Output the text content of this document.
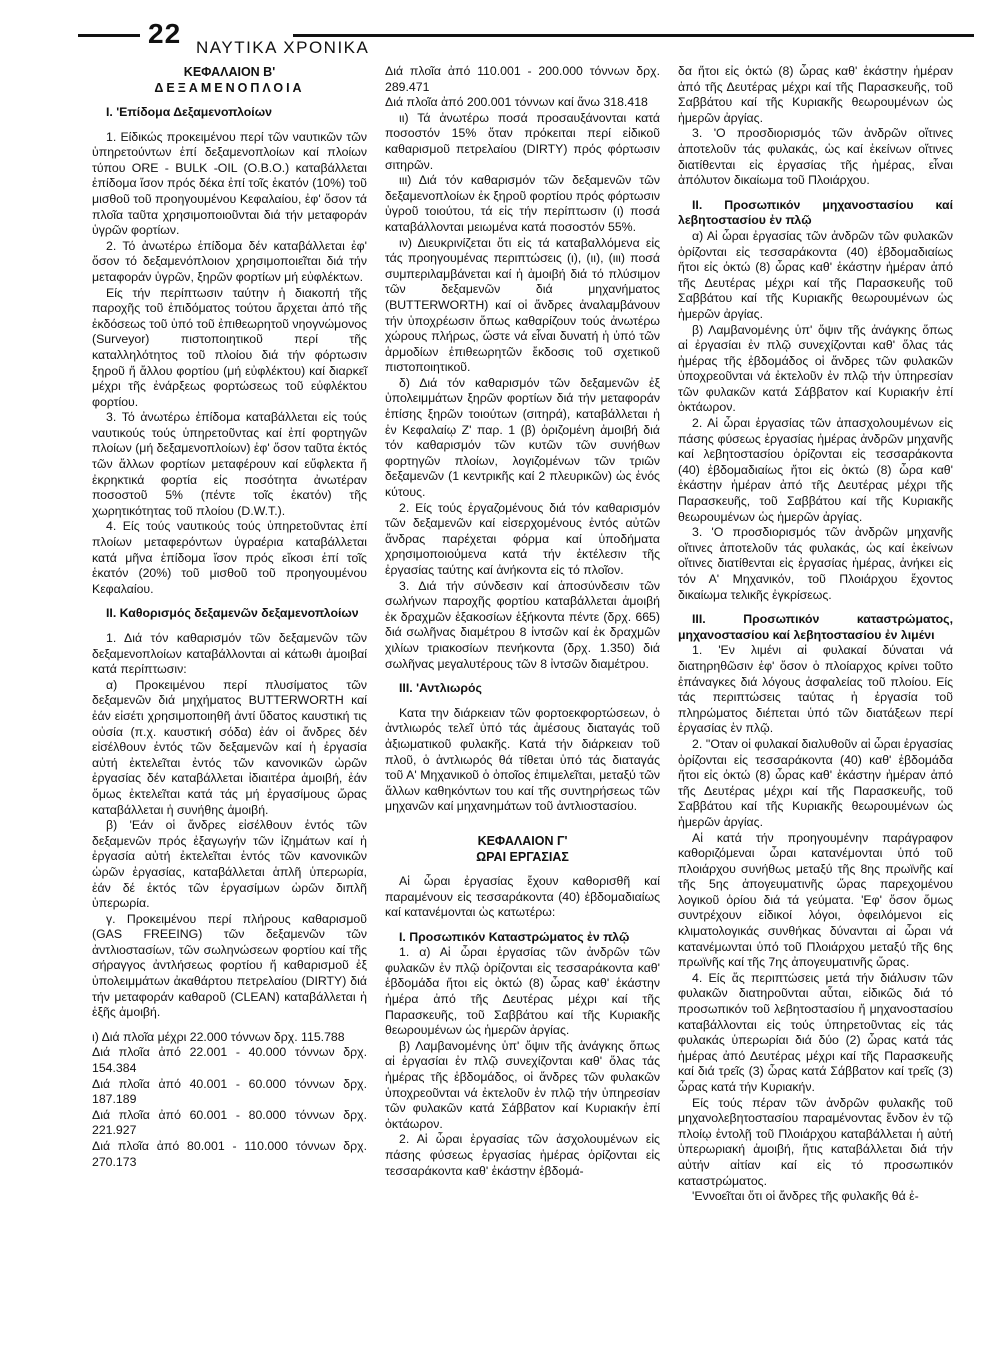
22 ΝΑΥΤΙΚΑ ΧΡΟΝΙΚΑ
ΚΕΦΑΛΑΙΟΝ Β'
ΔΕΞΑΜΕΝΟΠΛΟΙΑ

Ι. 'Επίδομα Δεξαμενοπλοίων

1. Είδικώς προκειμένου περί τῶν ναυτικῶν τῶν ὑπηρετούντων ἐπί δεξαμενοπλοίων καί πλοίων τύπου ORE - BULK -OIL (O.B.O.) καταβάλλεται ἐπίδομα ἴσον πρός δέκα ἐπί τοῖς ἑκατόν (10%) τοῦ μισθοῦ τοῦ προηγουμένου Κεφαλαίου, ἐφ' ὅσον τά πλοῖα ταῦτα χρησιμοποιοῦνται διά τήν μεταφοράν ὑγρῶν φορτίων.

2. Τό ἀνωτέρω ἐπίδομα δέν καταβάλλεται ἐφ' ὅσον τό δεξαμενόπλοιον χρησιμοποιεῖται διά τήν μεταφοράν ὑγρῶν, ξηρῶν φορτίων μή εὐφλέκτων.

Είς τήν περίπτωσιν ταύτην ἡ διακοπή τῆς παροχῆς τοῦ ἐπιδόματος τούτου ἄρχεται ἀπό τῆς ἐκδόσεως τοῦ ὑπό τοῦ ἐπιθεωρητοῦ νηογνώμονος (Surveyor) πιστοποιητικοῦ περί τῆς καταλληλότητος τοῦ πλοίου διά τήν φόρτωσιν ξηροῦ ἤ ἄλλου φορτίου (μή εὐφλέκτου) καί διαρκεῖ μέχρι τῆς ἐνάρξεως φορτώσεως τοῦ εὐφλέκτου φορτίου.

3. Τό ἀνωτέρω ἐπίδομα καταβάλλεται εἰς τούς ναυτικούς τούς ὑπηρετοῦντας καί ἐπί φορτηγῶν πλοίων (μή δεξαμενοπλοίων) ἐφ' ὅσον ταῦτα ἐκτός τῶν ἄλλων φορτίων μεταφέρουν καί εὔφλεκτα ἤ ἐκρηκτικά φορτία εἰς ποσότητα ἀνωτέραν ποσοστοῦ 5% (πέντε τοῖς ἑκατόν) τῆς χωρητικότητας τοῦ πλοίου (D.W.T.).

4. Είς τούς ναυτικούς τούς ὑπηρετοῦντας ἐπί πλοίων μεταφερόντων ὑγραέρια καταβάλλεται κατά μῆνα ἐπίδομα ἴσον πρός εἴκοσι ἐπί τοῖς ἑκατόν (20%) τοῦ μισθοῦ τοῦ προηγουμένου Κεφαλαίου.

ΙΙ. Καθορισμός δεξαμενῶν δεξαμενοπλοίων

1. Διά τόν καθαρισμόν τῶν δεξαμενῶν τῶν δεξαμενοπλοίων καταβάλλονται αἱ κάτωθι ἀμοιβαί κατά περίπτωσιν:

α) Προκειμένου περί πλυσίματος τῶν δεξαμενῶν διά μηχήματος BUTTERWORTH καί ἐάν εἰσέτι χρησιμοποιηθῆ ἀντί ὕδατος καυστική τις οὐσία (π.χ. καυστική σόδα) ἐάν οἱ ἄνδρες δέν εἰσέλθουν ἐντός τῶν δεξαμενῶν καί ἡ ἐργασία αὐτή ἐκτελεῖται ἐντός τῶν κανονικῶν ὡρῶν ἐργασίας δέν καταβάλλεται ἰδιαιτέρα ἀμοιβή, ἐάν ὅμως ἐκτελεῖται κατά τάς μή ἐργασίμους ὥρας καταβάλλεται ἡ συνήθης ἀμοιβή.

β) 'Εάν οἱ ἄνδρες εἰσέλθουν ἐντός τῶν δεξαμενῶν πρός ἐξαγωγήν τῶν ἰζημάτων καί ἡ ἐργασία αὐτή ἐκτελεῖται ἐντός τῶν κανονικῶν ὡρῶν ἐργασίας, καταβάλλεται ἁπλῆ ὑπερωρία, ἐάν δέ ἐκτός τῶν ἐργασίμων ὡρῶν διπλῆ ὑπερωρία.

γ. Προκειμένου περί πλήρους καθαρισμοῦ (GAS FREEING) τῶν δεξαμενῶν τῶν ἀντλιοστασίων, τῶν σωληνώσεων φορτίου καί τῆς σήραγγος ἀντλήσεως φορτίου ἤ καθαρισμοῦ ἐξ ὑπολειμμάτων ἀκαθάρτου πετρελαίου (DIRTY) διά τήν μεταφοράν καθαροῦ (CLEAN) καταβάλλεται ἡ ἑξῆς ἀμοιβή.

ι) Διά πλοῖα μέχρι 22.000 τόννων δρχ. 115.788

Διά πλοῖα ἀπό 22.001 - 40.000 τόννων δρχ. 154.384

Διά πλοῖα ἀπό 40.001 - 60.000 τόννων δρχ. 187.189

Διά πλοῖα ἀπό 60.001 - 80.000 τόννων δρχ. 221.927

Διά πλοῖα ἀπό 80.001 - 110.000 τόννων δρχ. 270.173

Διά πλοῖα ἀπό 110.001 - 200.000 τόννων δρχ. 289.471

Διά πλοῖα ἀπό 200.001 τόννων καί ἄνω 318.418

ιι) Τά ἀνωτέρω ποσά προσαυξάνονται κατά ποσοστόν 15% ὅταν πρόκειται περί εἰδικοῦ καθαρισμοῦ πετρελαίου (DIRTY) πρός φόρτωσιν σιτηρῶν.

ιιι) Διά τόν καθαρισμόν τῶν δεξαμενῶν τῶν δεξαμενοπλοίων ἐκ ξηροῦ φορτίου πρός φόρτωσιν ὑγροῦ τοιούτου, τά εἰς τήν περίπτωσιν (ι) ποσά καταβάλλονται μειωμένα κατά ποσοστόν 55%.

ιν) Διευκρινίζεται ὅτι εἰς τά καταβαλλόμενα εἰς τάς προηγουμένας περιπτώσεις (ι), (ιι), (ιιι) ποσά συμπεριλαμβάνεται καί ἡ ἀμοιβή διά τό πλύσιμον τῶν δεξαμενῶν διά μηχανήματος (BUTTERWORTH) καί οἱ ἄνδρες ἀναλαμβάνουν τήν ὑποχρέωσιν ὅπως καθαρίζουν τούς ἀνωτέρω χώρους πλήρως, ὥστε νά εἶναι δυνατή ἡ ὑπό τῶν ἁρμοδίων ἐπιθεωρητῶν ἔκδοσις τοῦ σχετικοῦ πιστοποιητικοῦ.

δ) Διά τόν καθαρισμόν τῶν δεξαμενῶν ἐξ ὑπολειμμάτων ξηρῶν φορτίων διά τήν μεταφοράν ἑπίσης ξηρῶν τοιούτων (σιτηρά), καταβάλλεται ἡ ἐν Κεφαλαίῳ Ζ' παρ. 1 (β) ὁριζομένη ἀμοιβή διά τόν καθαρισμόν τῶν κυτῶν τῶν συνήθων φορτηγῶν πλοίων, λογιζομένων τῶν τριῶν δεξαμενῶν (1 κεντρικῆς καί 2 πλευρικῶν) ὡς ἑνός κύτους.

2. Είς τούς ἐργαζομένους διά τόν καθαρισμόν τῶν δεξαμενῶν καί εἰσερχομένους ἐντός αὐτῶν ἄνδρας παρέχεται φόρμα καί ὑποδήματα χρησιμοποιούμενα κατά τήν ἐκτέλεσιν τῆς ἐργασίας ταύτης καί ἀνήκοντα εἰς τό πλοῖον.

3. Διά τήν σύνδεσιν καί ἀποσύνδεσιν τῶν σωλήνων παροχῆς φορτίου καταβάλλεται ἀμοιβή ἐκ δραχμῶν ἑξακοσίων ἑξήκοντα πέντε (δρχ. 665) διά σωλῆνας διαμέτρου 8 ἰντσῶν καί ἐκ δραχμῶν χιλίων τριακοσίων πενήκοντα (δρχ. 1.350) διά σωλῆνας μεγαλυτέρους τῶν 8 ἰντσῶν διαμέτρου.

ΙΙΙ. 'Αντλιωρός

Κατα την διάρκειαν τῶν φορτοεκφορτώσεων, ὁ ἀντλιωρός τελεῖ ὑπό τάς ἀμέσους διαταγάς τοῦ ἀξιωματικοῦ φυλακῆς. Κατά τήν διάρκειαν τοῦ πλοῦ, ὁ ἀντλιωρός θά τίθεται ὑπό τάς διαταγάς τοῦ Α' Μηχανικοῦ ὁ ὁποῖος ἐπιμελεῖται, μεταξύ τῶν ἄλλων καθηκόντων του καί τῆς συντηρήσεως τῶν μηχανῶν καί μηχανημάτων τοῦ ἀντλιοστασίου.

ΚΕΦΑΛΑΙΟΝ Γ'
ΩΡΑΙ ΕΡΓΑΣΙΑΣ

Αἱ ὧραι ἐργασίας ἔχουν καθορισθῆ καί παραμένουν εἰς τεσσαράκοντα (40) ἑβδομαδιαίως καί κατανέμονται ὡς κατωτέρω:

Ι. Προσωπικόν Καταστρώματος ἐν πλῷ

1. α) Αἱ ὧραι ἐργασίας τῶν ἀνδρῶν τῶν φυλακῶν ἐν πλῷ ὁρίζονται εἰς τεσσαράκοντα καθ' ἑβδομάδα ἤτοι εἰς ὀκτώ (8) ὧρας καθ' ἑκάστην ἡμέρα ἀπό τῆς Δευτέρας μέχρι καί τῆς Παρασκευῆς, τοῦ Σαββάτου καί τῆς Κυριακῆς θεωρουμένων ὡς ἡμερῶν ἀργίας.

β) Λαμβανομένης ὑπ' ὄψιν τῆς ἀνάγκης ὅπως αἱ ἐργασίαι ἐν πλῷ συνεχίζονται καθ' ὅλας τάς ἡμέρας τῆς ἑβδομάδος, οἱ ἄνδρες τῶν φυλακῶν ὑποχρεοῦνται νά ἐκτελοῦν ἐν πλῷ τήν ὑπηρεσίαν τῶν φυλακῶν κατά Σάββατον καί Κυριακήν ἐπί ὀκτάωρον.

2. Αἱ ὧραι ἐργασίας τῶν ἀσχολουμένων εἰς πάσης φύσεως ἐργασίας ἡμέρας ὁρίζονται εἰς τεσσαράκοντα καθ' ἑκάστην ἑβδομά-

δα ἤτοι εἰς ὀκτώ (8) ὧρας καθ' ἑκάστην ἡμέραν ἀπό τῆς Δευτέρας μέχρι καί τῆς Παρασκευῆς, τοῦ Σαββάτου καί τῆς Κυριακῆς θεωρουμένων ὡς ἡμερῶν ἀργίας.

3. 'Ο προσδιορισμός τῶν ἀνδρῶν οἵτινες ἀποτελοῦν τάς φυλακάς, ὡς καί ἐκείνων οἵτινες διατίθενται εἰς ἐργασίας τῆς ἡμέρας, εἶναι ἀπόλυτον δικαίωμα τοῦ Πλοιάρχου.

ΙΙ. Προσωπικόν μηχανοστασίου καί λεβητοστασίου ἐν πλῷ

α) Αἱ ὧραι ἐργασίας τῶν ἀνδρῶν τῶν φυλακῶν ὁρίζονται εἰς τεσσαράκοντα (40) ἑβδομαδιαίως ἤτοι εἰς ὀκτώ (8) ὧρας καθ' ἑκάστην ἡμέραν ἀπό τῆς Δευτέρας μέχρι καί τῆς Παρασκευῆς τοῦ Σαββάτου καί τῆς Κυριακῆς θεωρουμένων ὡς ἡμερῶν ἀργίας.

β) Λαμβανομένης ὑπ' ὄψιν τῆς ἀνάγκης ὅπως αἱ ἐργασίαι ἐν πλῷ συνεχίζονται καθ' ὅλας τάς ἡμέρας τῆς ἑβδομάδος οἱ ἄνδρες τῶν φυλακῶν ὑποχρεοῦνται νά ἐκτελοῦν ἐν πλῷ τήν ὑπηρεσίαν τῶν φυλακῶν κατά Σάββατον καί Κυριακήν ἐπί ὀκτάωρον.

2. Αἱ ὧραι ἐργασίας τῶν ἀπασχολουμένων εἰς πάσης φύσεως ἐργασίας ἡμέρας ἀνδρῶν μηχανῆς καί λεβητοστασίου ὁρίζονται εἰς τεσσαράκοντα (40) ἑβδομαδιαίως ἤτοι εἰς ὀκτώ (8) ὧρα καθ' ἑκάστην ἡμέραν ἀπό τῆς Δευτέρας μέχρι τῆς Παρασκευῆς, τοῦ Σαββάτου καί τῆς Κυριακῆς θεωρουμένων ὡς ἡμερῶν ἀργίας.

3. 'Ο προσδιορισμός τῶν ἀνδρῶν μηχανῆς οἵτινες ἀποτελοῦν τάς φυλακάς, ὡς καί ἐκείνων οἵτινες διατίθενται εἰς ἐργασίας ἡμέρας, ἀνήκει εἰς τόν Α' Μηχανικόν, τοῦ Πλοιάρχου ἔχοντος δικαίωμα τελικῆς ἐγκρίσεως.

ΙΙΙ. Προσωπικόν καταστρώματος, μηχανοστασίου καί λεβητοστασίου ἐν λιμένι

1. 'Εν λιμένι αἱ φυλακαί δύναται νά διατηρηθῶσιν ἐφ' ὅσον ὁ πλοίαρχος κρίνει τοῦτο ἐπάναγκες διά λόγους ἀσφαλείας τοῦ πλοίου. Είς τάς περιπτώσεις ταύτας ἡ ἐργασία τοῦ πληρώματος διέπεται ὑπό τῶν διατάξεων περί ἐργασίας ἐν πλῷ.

2. ''Οταν οἱ φυλακαί διαλυθοῦν αἱ ὧραι ἐργασίας ὁρίζονται εἰς τεσσαράκοντα (40) καθ' ἑβδομάδα ἤτοι εἰς ὀκτώ (8) ὧρας καθ' ἑκάστην ἡμέραν ἀπό τῆς Δευτέρας μέχρι καί τῆς Παρασκευῆς, τοῦ Σαββάτου καί τῆς Κυριακῆς θεωρουμένων ὡς ἡμερῶν ἀργίας.

Αἱ κατά τήν προηγουμένην παράγραφον καθοριζόμεναι ὧραι κατανέμονται ὑπό τοῦ πλοιάρχου συνήθως μεταξύ τῆς 8ης πρωϊνῆς καί τῆς 5ης ἀπογευματινῆς ὥρας παρεχομένου λογικοῦ ὁρίου διά τά γεύματα. 'Εφ' ὅσον ὅμως συντρέχουν εἰδικοί λόγοι, ὀφειλόμενοι εἰς κλιματολογικάς συνθήκας δύνανται αἱ ὧραι νά κατανέμωνται ὑπό τοῦ Πλοιάρχου μεταξύ τῆς 6ης πρωϊνῆς καί τῆς 7ης ἀπογευματινῆς ὥρας.

4. Είς ἅς περιπτώσεις μετά τήν διάλυσιν τῶν φυλακῶν διατηροῦνται αὗται, εἰδικῶς διά τό προσωπικόν τοῦ λεβητοστασίου ἤ μηχανοστασίου καταβάλλονται εἰς τούς ὑπηρετοῦντας εἰς τάς φυλακάς ὑπερωρίαι διά δύο (2) ὧρας κατά τάς ἡμέρας ἀπό Δευτέρας μέχρι καί τῆς Παρασκευῆς καί διά τρεῖς (3) ὧρας κατά Σάββατον καί τρεῖς (3) ὧρας κατά τήν Κυριακήν.

Είς τούς πέραν τῶν ἀνδρῶν φυλακῆς τοῦ μηχανολεβητοστασίου παραμένοντας ἔνδον ἐν τῷ πλοίῳ ἐντολῇ τοῦ Πλοιάρχου καταβάλλεται ἡ αὐτή ὑπερωριακή ἀμοιβή, ἥτις καταβάλλεται διά τήν αὐτήν αἰτίαν καί εἰς τό προσωπικόν καταστρώματος.

'Εννοεῖται ὅτι οἱ ἄνδρες τῆς φυλακῆς θά ἐ-
